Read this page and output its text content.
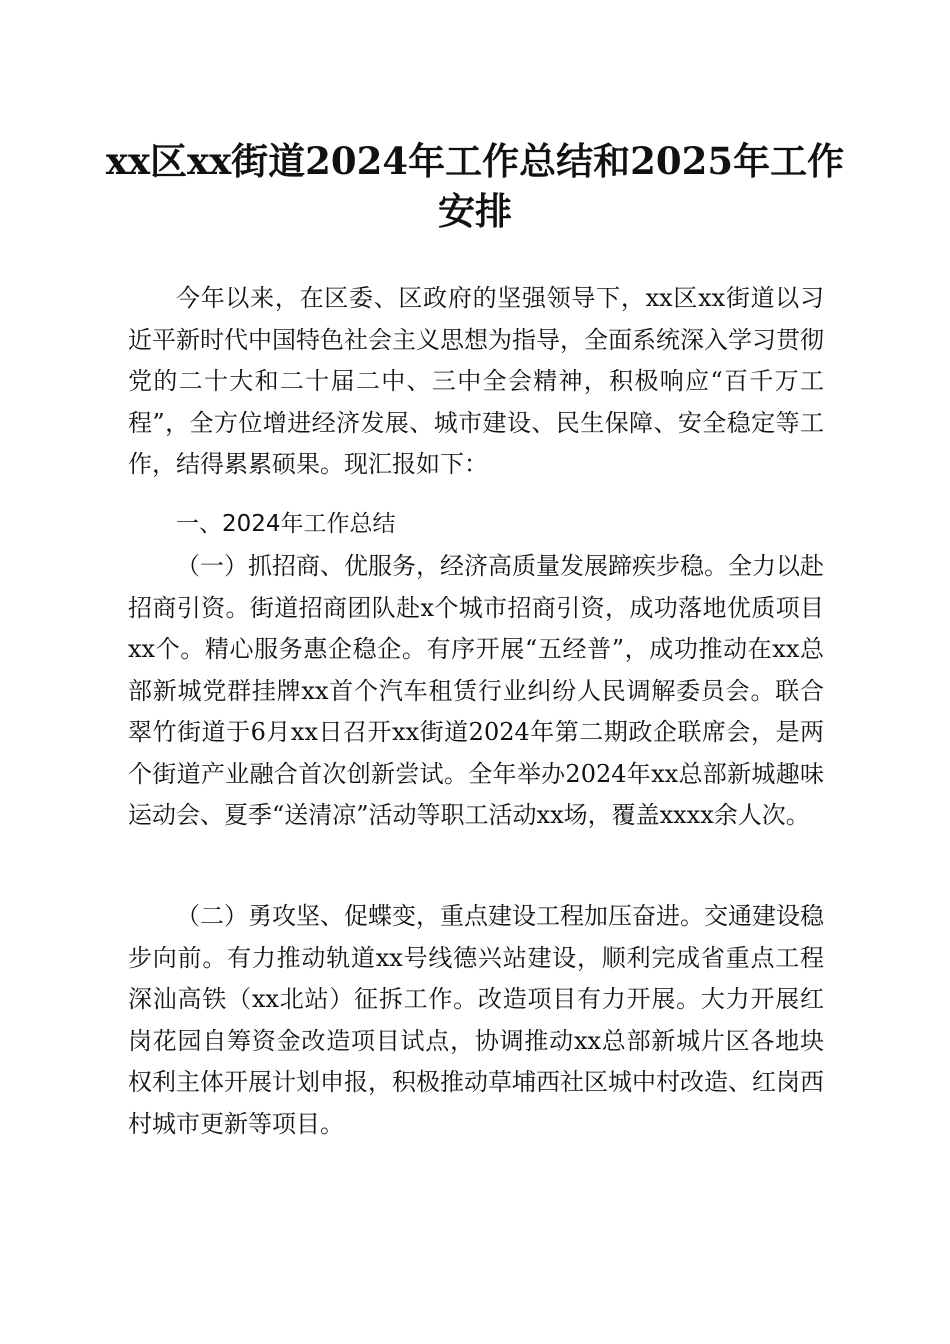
xx区xx街道2024年工作总结和2025年工作安排

今年以来，在区委、区政府的坚强领导下，xx区xx街道以习近平新时代中国特色社会主义思想为指导，全面系统深入学习贯彻党的二十大和二十届二中、三中全会精神，积极响应“百千万工程”，全方位增进经济发展、城市建设、民生保障、安全稳定等工作，结得累累硕果。现汇报如下：

一、2024年工作总结

（一）抓招商、优服务，经济高质量发展蹄疾步稳。全力以赴招商引资。街道招商团队赴x个城市招商引资，成功落地优质项目xx个。精心服务惠企稳企。有序开展“五经普”，成功推动在xx总部新城党群挂牌xx首个汽车租赁行业纠纷人民调解委员会。联合翠竹街道于6月xx日召开xx街道2024年第二期政企联席会，是两个街道产业融合首次创新尝试。全年举办2024年xx总部新城趣味运动会、夏季“送清凉”活动等职工活动xx场，覆盖xxxx余人次。

（二）勇攻坚、促蝶变，重点建设工程加压奋进。交通建设稳步向前。有力推动轨道xx号线德兴站建设，顺利完成省重点工程深汕高铁（xx北站）征拆工作。改造项目有力开展。大力开展红岗花园自筹资金改造项目试点，协调推动xx总部新城片区各地块权利主体开展计划申报，积极推动草埔西社区城中村改造、红岗西村城市更新等项目。
